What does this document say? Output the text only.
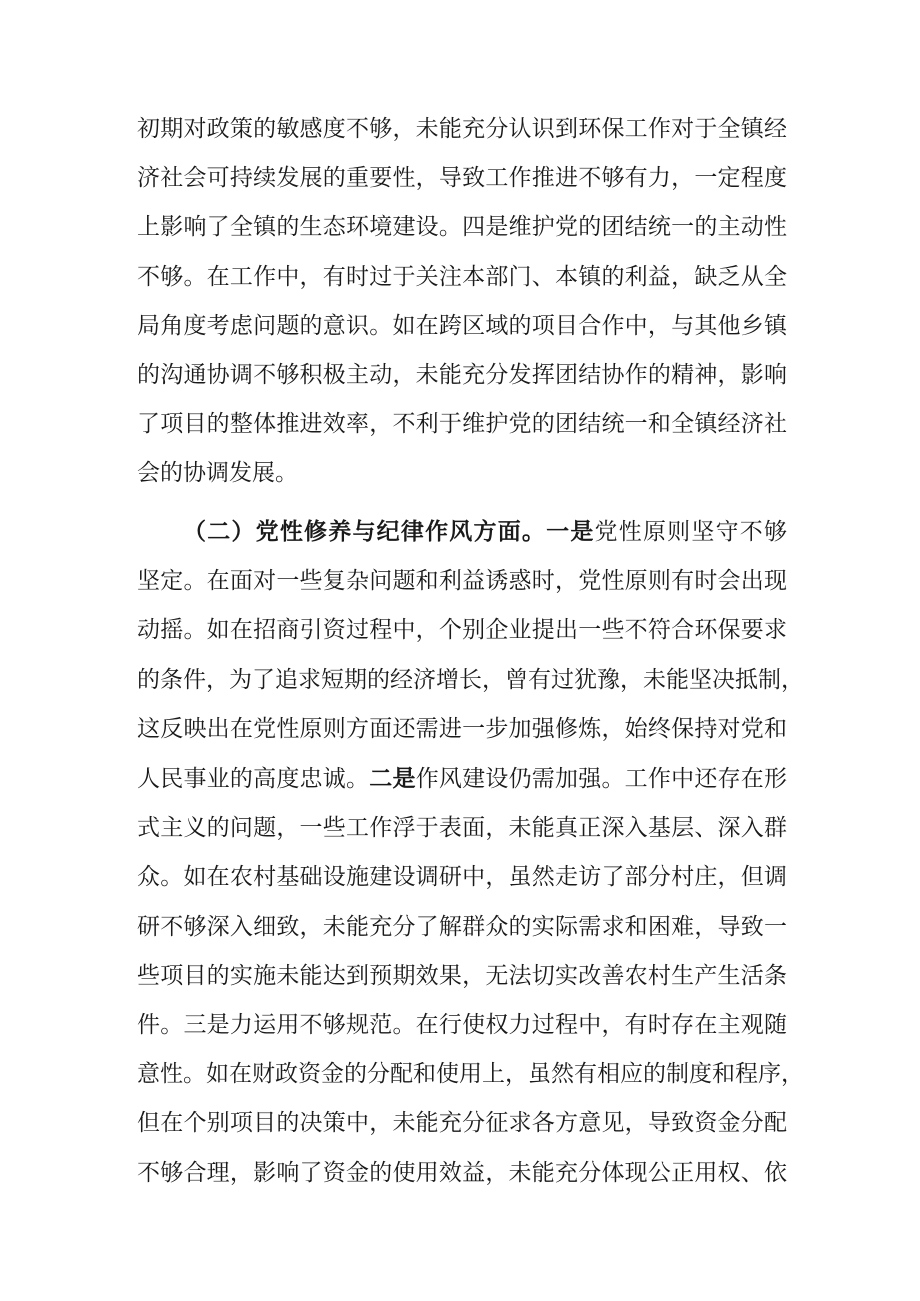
初期对政策的敏感度不够，未能充分认识到环保工作对于全镇经
济社会可持续发展的重要性，导致工作推进不够有力，一定程度
上影响了全镇的生态环境建设。四是维护党的团结统一的主动性
不够。在工作中，有时过于关注本部门、本镇的利益，缺乏从全
局角度考虑问题的意识。如在跨区域的项目合作中，与其他乡镇
的沟通协调不够积极主动，未能充分发挥团结协作的精神，影响
了项目的整体推进效率，不利于维护党的团结统一和全镇经济社
会的协调发展。
（二）党性修养与纪律作风方面。一是党性原则坚守不够
坚定。在面对一些复杂问题和利益诱惑时，党性原则有时会出现
动摇。如在招商引资过程中，个别企业提出一些不符合环保要求
的条件，为了追求短期的经济增长，曾有过犹豫，未能坚决抵制，
这反映出在党性原则方面还需进一步加强修炼，始终保持对党和
人民事业的高度忠诚。二是作风建设仍需加强。工作中还存在形
式主义的问题，一些工作浮于表面，未能真正深入基层、深入群
众。如在农村基础设施建设调研中，虽然走访了部分村庄，但调
研不够深入细致，未能充分了解群众的实际需求和困难，导致一
些项目的实施未能达到预期效果，无法切实改善农村生产生活条
件。三是力运用不够规范。在行使权力过程中，有时存在主观随
意性。如在财政资金的分配和使用上，虽然有相应的制度和程序，
但在个别项目的决策中，未能充分征求各方意见，导致资金分配
不够合理，影响了资金的使用效益，未能充分体现公正用权、依
